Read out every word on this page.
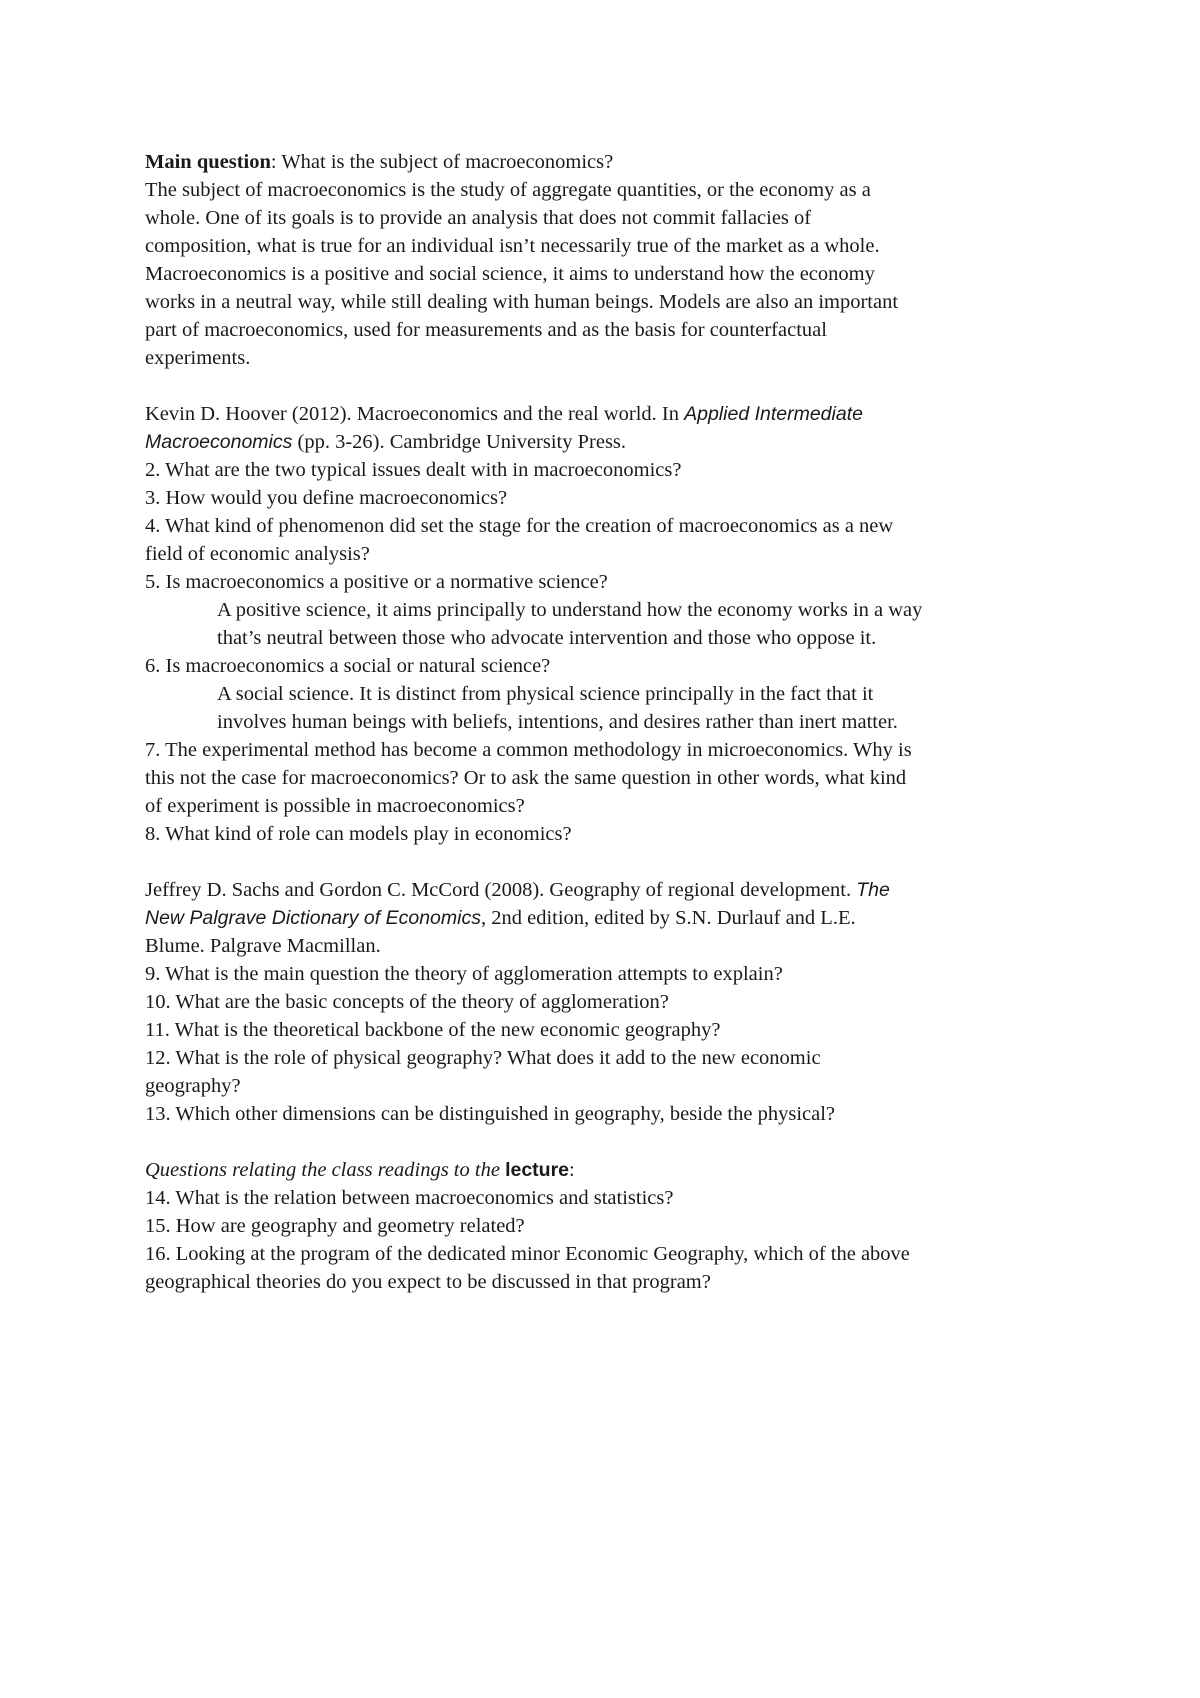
Main question: What is the subject of macroeconomics?

The subject of macroeconomics is the study of aggregate quantities, or the economy as a

whole. One of its goals is to provide an analysis that does not commit fallacies of

composition, what is true for an individual isn’t necessarily true of the market as a whole.

Macroeconomics is a positive and social science, it aims to understand how the economy

works in a neutral way, while still dealing with human beings. Models are also an important

part of macroeconomics, used for measurements and as the basis for counterfactual

experiments.

Kevin D. Hoover (2012). Macroeconomics and the real world. In Applied Intermediate

Macroeconomics (pp. 3-26). Cambridge University Press.

2. What are the two typical issues dealt with in macroeconomics?

3. How would you define macroeconomics?

4. What kind of phenomenon did set the stage for the creation of macroeconomics as a new

field of economic analysis?

5. Is macroeconomics a positive or a normative science?

A positive science, it aims principally to understand how the economy works in a way

that’s neutral between those who advocate intervention and those who oppose it.

6. Is macroeconomics a social or natural science?

A social science. It is distinct from physical science principally in the fact that it

involves human beings with beliefs, intentions, and desires rather than inert matter.

7. The experimental method has become a common methodology in microeconomics. Why is

this not the case for macroeconomics? Or to ask the same question in other words, what kind

of experiment is possible in macroeconomics?

8. What kind of role can models play in economics?

Jeffrey D. Sachs and Gordon C. McCord (2008). Geography of regional development. The

New Palgrave Dictionary of Economics, 2nd edition, edited by S.N. Durlauf and L.E.

Blume. Palgrave Macmillan.

9. What is the main question the theory of agglomeration attempts to explain?

10. What are the basic concepts of the theory of agglomeration?

11. What is the theoretical backbone of the new economic geography?

12. What is the role of physical geography? What does it add to the new economic

geography?

13. Which other dimensions can be distinguished in geography, beside the physical?

Questions relating the class readings to the lecture:

14. What is the relation between macroeconomics and statistics?

15. How are geography and geometry related?

16. Looking at the program of the dedicated minor Economic Geography, which of the above

geographical theories do you expect to be discussed in that program?
